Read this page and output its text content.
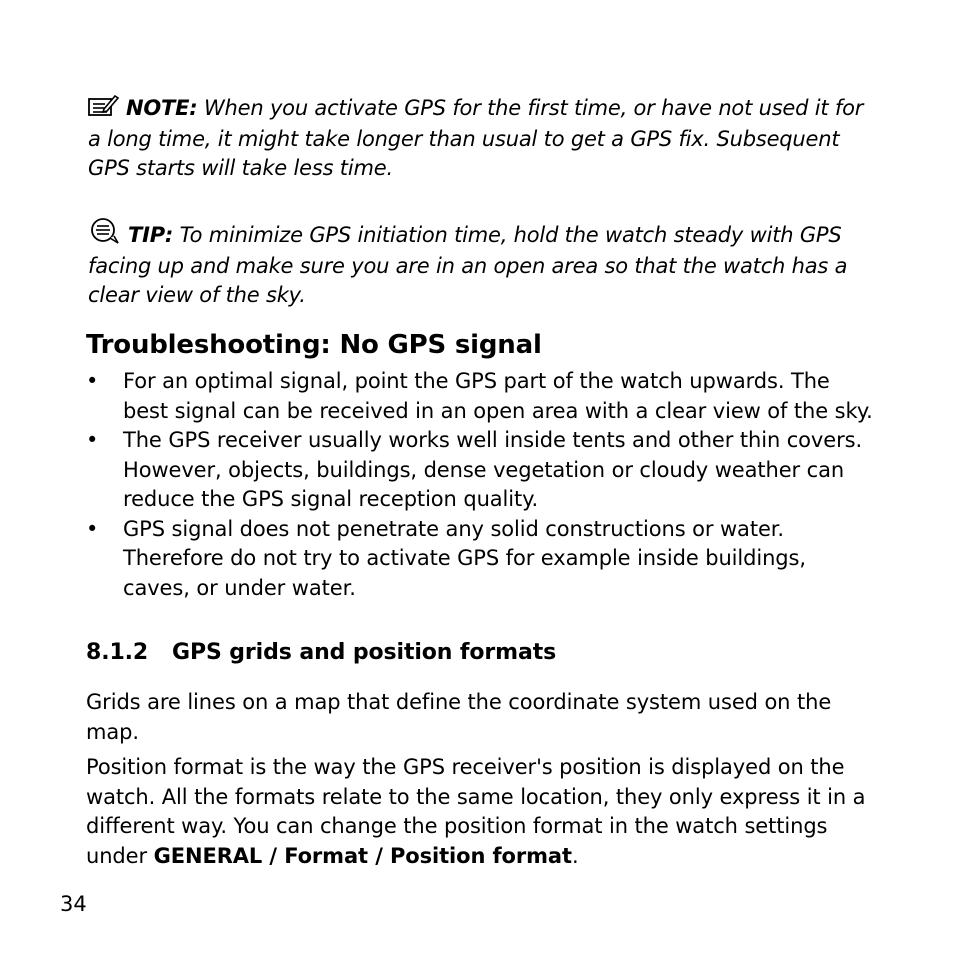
NOTE: When you activate GPS for the first time, or have not used it for a long time, it might take longer than usual to get a GPS fix. Subsequent GPS starts will take less time.
TIP: To minimize GPS initiation time, hold the watch steady with GPS facing up and make sure you are in an open area so that the watch has a clear view of the sky.
Troubleshooting: No GPS signal
• For an optimal signal, point the GPS part of the watch upwards. The best signal can be received in an open area with a clear view of the sky.
• The GPS receiver usually works well inside tents and other thin covers. However, objects, buildings, dense vegetation or cloudy weather can reduce the GPS signal reception quality.
• GPS signal does not penetrate any solid constructions or water. Therefore do not try to activate GPS for example inside buildings, caves, or under water.
8.1.2 GPS grids and position formats

Grids are lines on a map that define the coordinate system used on the map.

Position format is the way the GPS receiver's position is displayed on the watch. All the formats relate to the same location, they only express it in a different way. You can change the position format in the watch settings under GENERAL / Format / Position format.

34
